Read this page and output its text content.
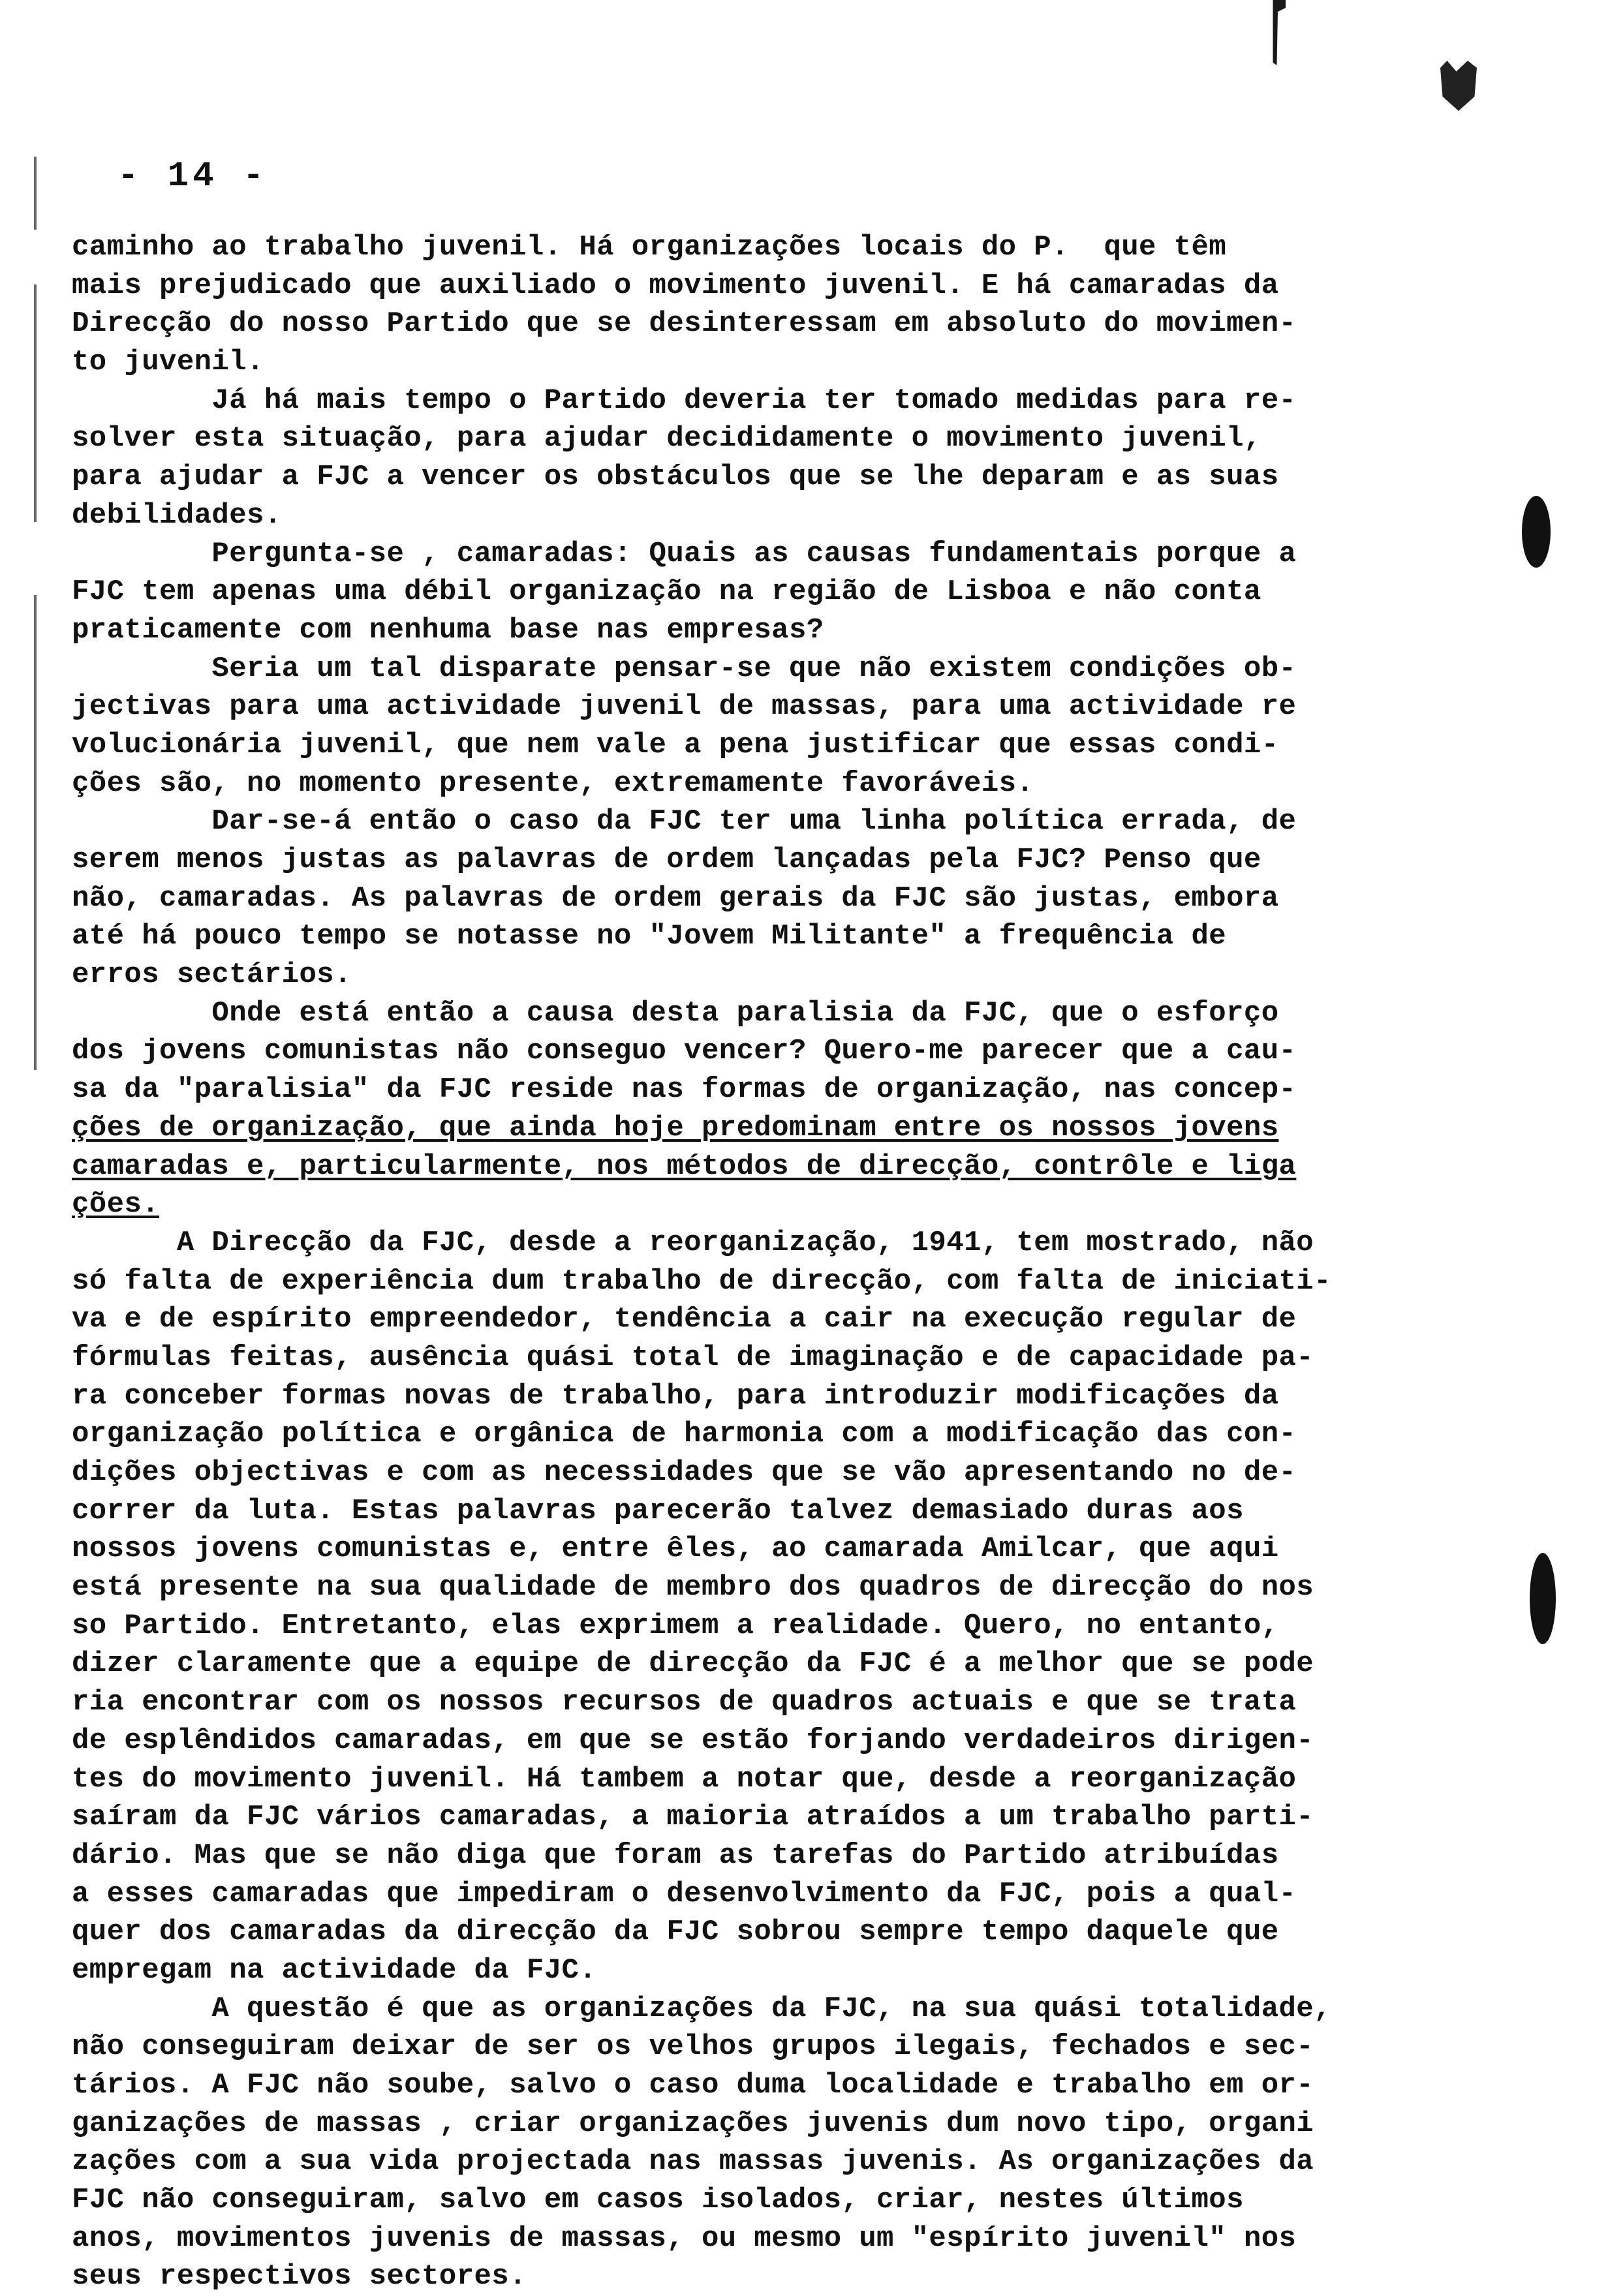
- 14 -

caminho ao trabalho juvenil. Há organizações locais do P.  que têm
mais prejudicado que auxiliado o movimento juvenil. E há camaradas da
Direcção do nosso Partido que se desinteressam em absoluto do movimen-
to juvenil.
Já há mais tempo o Partido deveria ter tomado medidas para re-
solver esta situação, para ajudar decididamente o movimento juvenil,
para ajudar a FJC a vencer os obstáculos que se lhe deparam e as suas
debilidades.
Pergunta-se , camaradas: Quais as causas fundamentais porque a
FJC tem apenas uma débil organização na região de Lisboa e não conta
praticamente com nenhuma base nas empresas?
Seria um tal disparate pensar-se que não existem condições ob-
jectivas para uma actividade juvenil de massas, para uma actividade re
volucionária juvenil, que nem vale a pena justificar que essas condi-
ções são, no momento presente, extremamente favoráveis.
Dar-se-á então o caso da FJC ter uma linha política errada, de
serem menos justas as palavras de ordem lançadas pela FJC? Penso que
não, camaradas. As palavras de ordem gerais da FJC são justas, embora
até há pouco tempo se notasse no "Jovem Militante" a frequência de
erros sectários.
Onde está então a causa desta paralisia da FJC, que o esforço
dos jovens comunistas não conseguo vencer? Quero-me parecer que a cau-
sa da "paralisia" da FJC reside nas formas de organização, nas concep-
ções de organização, que ainda hoje predominam entre os nossos jovens
camaradas e, particularmente, nos métodos de direcção, contrôle e liga
ções.
A Direcção da FJC, desde a reorganização, 1941, tem mostrado, não
só falta de experiência dum trabalho de direcção, com falta de iniciati-
va e de espírito empreendedor, tendência a cair na execução regular de
fórmulas feitas, ausência quási total de imaginação e de capacidade pa-
ra conceber formas novas de trabalho, para introduzir modificações da
organização política e orgânica de harmonia com a modificação das con-
dições objectivas e com as necessidades que se vão apresentando no de-
correr da luta. Estas palavras parecerão talvez demasiado duras aos
nossos jovens comunistas e, entre êles, ao camarada Amilcar, que aqui
está presente na sua qualidade de membro dos quadros de direcção do nos
so Partido. Entretanto, elas exprimem a realidade. Quero, no entanto,
dizer claramente que a equipe de direcção da FJC é a melhor que se pode
ria encontrar com os nossos recursos de quadros actuais e que se trata
de esplêndidos camaradas, em que se estão forjando verdadeiros dirigen-
tes do movimento juvenil. Há tambem a notar que, desde a reorganização
saíram da FJC vários camaradas, a maioria atraídos a um trabalho parti-
dário. Mas que se não diga que foram as tarefas do Partido atribuídas
a esses camaradas que impediram o desenvolvimento da FJC, pois a qual-
quer dos camaradas da direcção da FJC sobrou sempre tempo daquele que
empregam na actividade da FJC.
A questão é que as organizações da FJC, na sua quási totalidade,
não conseguiram deixar de ser os velhos grupos ilegais, fechados e sec-
tários. A FJC não soube, salvo o caso duma localidade e trabalho em or-
ganizações de massas , criar organizações juvenis dum novo tipo, organi
zações com a sua vida projectada nas massas juvenis. As organizações da
FJC não conseguiram, salvo em casos isolados, criar, nestes últimos
anos, movimentos juvenis de massas, ou mesmo um "espírito juvenil" nos
seus respectivos sectores.
